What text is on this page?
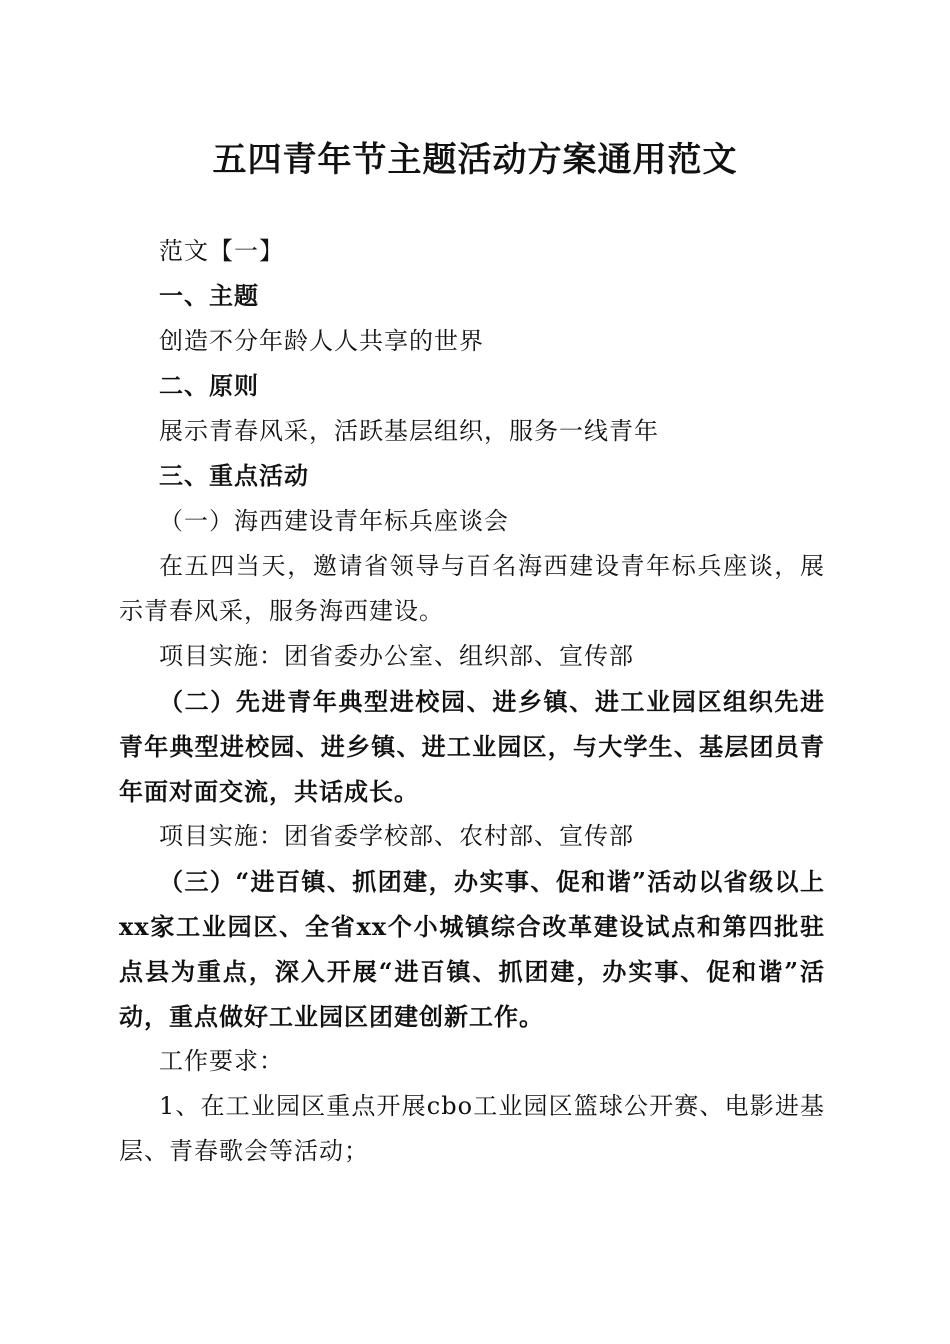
五四青年节主题活动方案通用范文

范文【一】

一、主题

创造不分年龄人人共享的世界

二、原则

展示青春风采，活跃基层组织，服务一线青年

三、重点活动

（一）海西建设青年标兵座谈会

在五四当天，邀请省领导与百名海西建设青年标兵座谈，展示青春风采，服务海西建设。

项目实施：团省委办公室、组织部、宣传部

（二）先进青年典型进校园、进乡镇、进工业园区组织先进青年典型进校园、进乡镇、进工业园区，与大学生、基层团员青年面对面交流，共话成长。

项目实施：团省委学校部、农村部、宣传部

（三）“进百镇、抓团建，办实事、促和谐”活动以省级以上xx家工业园区、全省xx个小城镇综合改革建设试点和第四批驻点县为重点，深入开展“进百镇、抓团建，办实事、促和谐”活动，重点做好工业园区团建创新工作。

工作要求：

1、在工业园区重点开展cbo工业园区篮球公开赛、电影进基层、青春歌会等活动；
